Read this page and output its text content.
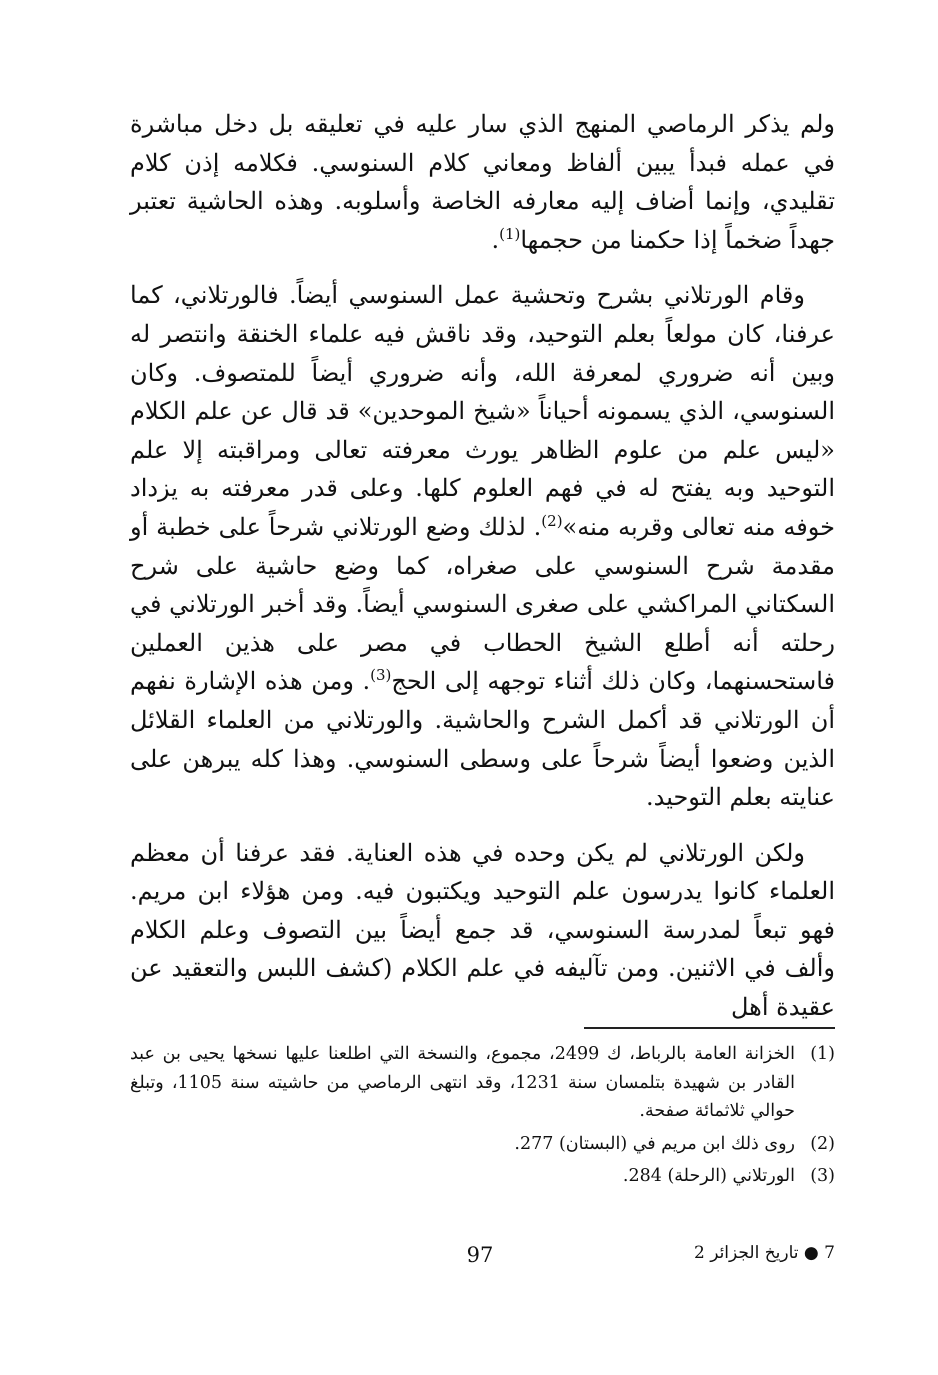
ولم يذكر الرماصي المنهج الذي سار عليه في تعليقه بل دخل مباشرة في عمله فبدأ يبين ألفاظ ومعاني كلام السنوسي. فكلامه إذن كلام تقليدي، وإنما أضاف إليه معارفه الخاصة وأسلوبه. وهذه الحاشية تعتبر جهداً ضخماً إذا حكمنا من حجمها$^{(1)}$.

وقام الورتلاني بشرح وتحشية عمل السنوسي أيضاً. فالورتلاني، كما عرفنا، كان مولعاً بعلم التوحيد، وقد ناقش فيه علماء الخنقة وانتصر له وبين أنه ضروري لمعرفة الله، وأنه ضروري أيضاً للمتصوف. وكان السنوسي، الذي يسمونه أحياناً «شيخ الموحدين» قد قال عن علم الكلام «ليس علم من علوم الظاهر يورث معرفته تعالى ومراقبته إلا علم التوحيد وبه يفتح له في فهم العلوم كلها. وعلى قدر معرفته به يزداد خوفه منه تعالى وقربه منه»$^{(2)}$. لذلك وضع الورتلاني شرحاً على خطبة أو مقدمة شرح السنوسي على صغراه، كما وضع حاشية على شرح السكتاني المراكشي على صغرى السنوسي أيضاً. وقد أخبر الورتلاني في رحلته أنه أطلع الشيخ الحطاب في مصر على هذين العملين فاستحسنهما، وكان ذلك أثناء توجهه إلى الحج$^{(3)}$. ومن هذه الإشارة نفهم أن الورتلاني قد أكمل الشرح والحاشية. والورتلاني من العلماء القلائل الذين وضعوا أيضاً شرحاً على وسطى السنوسي. وهذا كله يبرهن على عنايته بعلم التوحيد.

ولكن الورتلاني لم يكن وحده في هذه العناية. فقد عرفنا أن معظم العلماء كانوا يدرسون علم التوحيد ويكتبون فيه. ومن هؤلاء ابن مريم. فهو تبعاً لمدرسة السنوسي، قد جمع أيضاً بين التصوف وعلم الكلام وألف في الاثنين. ومن تآليفه في علم الكلام (كشف اللبس والتعقيد عن عقيدة أهل

(1)
الخزانة العامة بالرباط، ك 2499، مجموع، والنسخة التي اطلعنا عليها نسخها يحيى بن عبد القادر بن شهيدة بتلمسان سنة 1231، وقد انتهى الرماصي من حاشيته سنة 1105، وتبلغ حوالي ثلاثمائة صفحة.
(2)
روى ذلك ابن مريم في (البستان) 277.
(3)
الورتلاني (الرحلة) 284.
97	7 ● تاريخ الجزائر 2
